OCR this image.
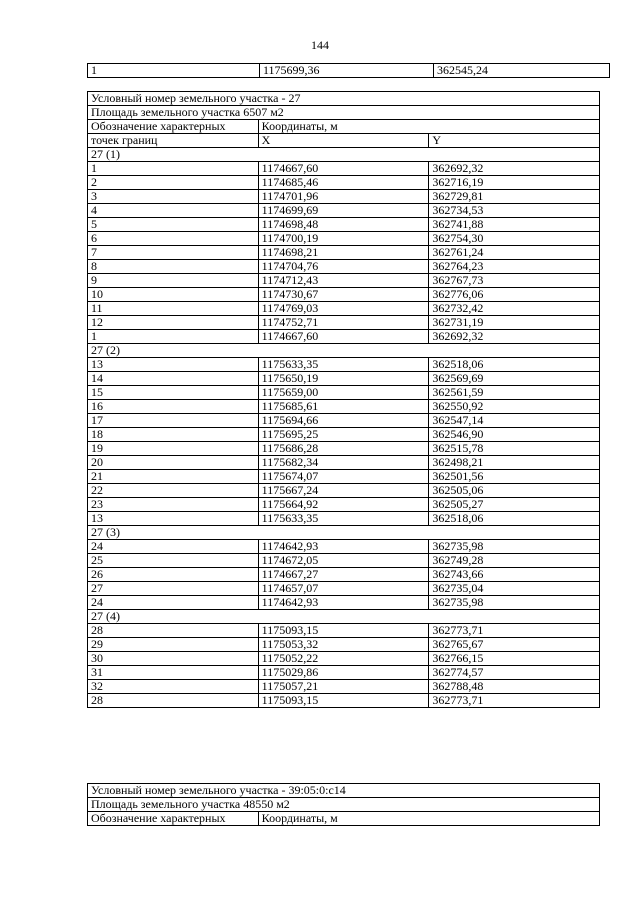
144
1	1175699,36	362545,24
Условный номер земельного участка - 27		
Площадь земельного участка 6507 м2		
Обозначение характерных	Координаты, м	
точек границ	X	Y
27 (1)		
1	1174667,60	362692,32
2	1174685,46	362716,19
3	1174701,96	362729,81
4	1174699,69	362734,53
5	1174698,48	362741,88
6	1174700,19	362754,30
7	1174698,21	362761,24
8	1174704,76	362764,23
9	1174712,43	362767,73
10	1174730,67	362776,06
11	1174769,03	362732,42
12	1174752,71	362731,19
1	1174667,60	362692,32
27 (2)		
13	1175633,35	362518,06
14	1175650,19	362569,69
15	1175659,00	362561,59
16	1175685,61	362550,92
17	1175694,66	362547,14
18	1175695,25	362546,90
19	1175686,28	362515,78
20	1175682,34	362498,21
21	1175674,07	362501,56
22	1175667,24	362505,06
23	1175664,92	362505,27
13	1175633,35	362518,06
27 (3)		
24	1174642,93	362735,98
25	1174672,05	362749,28
26	1174667,27	362743,66
27	1174657,07	362735,04
24	1174642,93	362735,98
27 (4)		
28	1175093,15	362773,71
29	1175053,32	362765,67
30	1175052,22	362766,15
31	1175029,86	362774,57
32	1175057,21	362788,48
28	1175093,15	362773,71
Условный номер земельного участка - 39:05:0:c14
Площадь земельного участка 48550 м2
Обозначение характерных	Координаты, м
